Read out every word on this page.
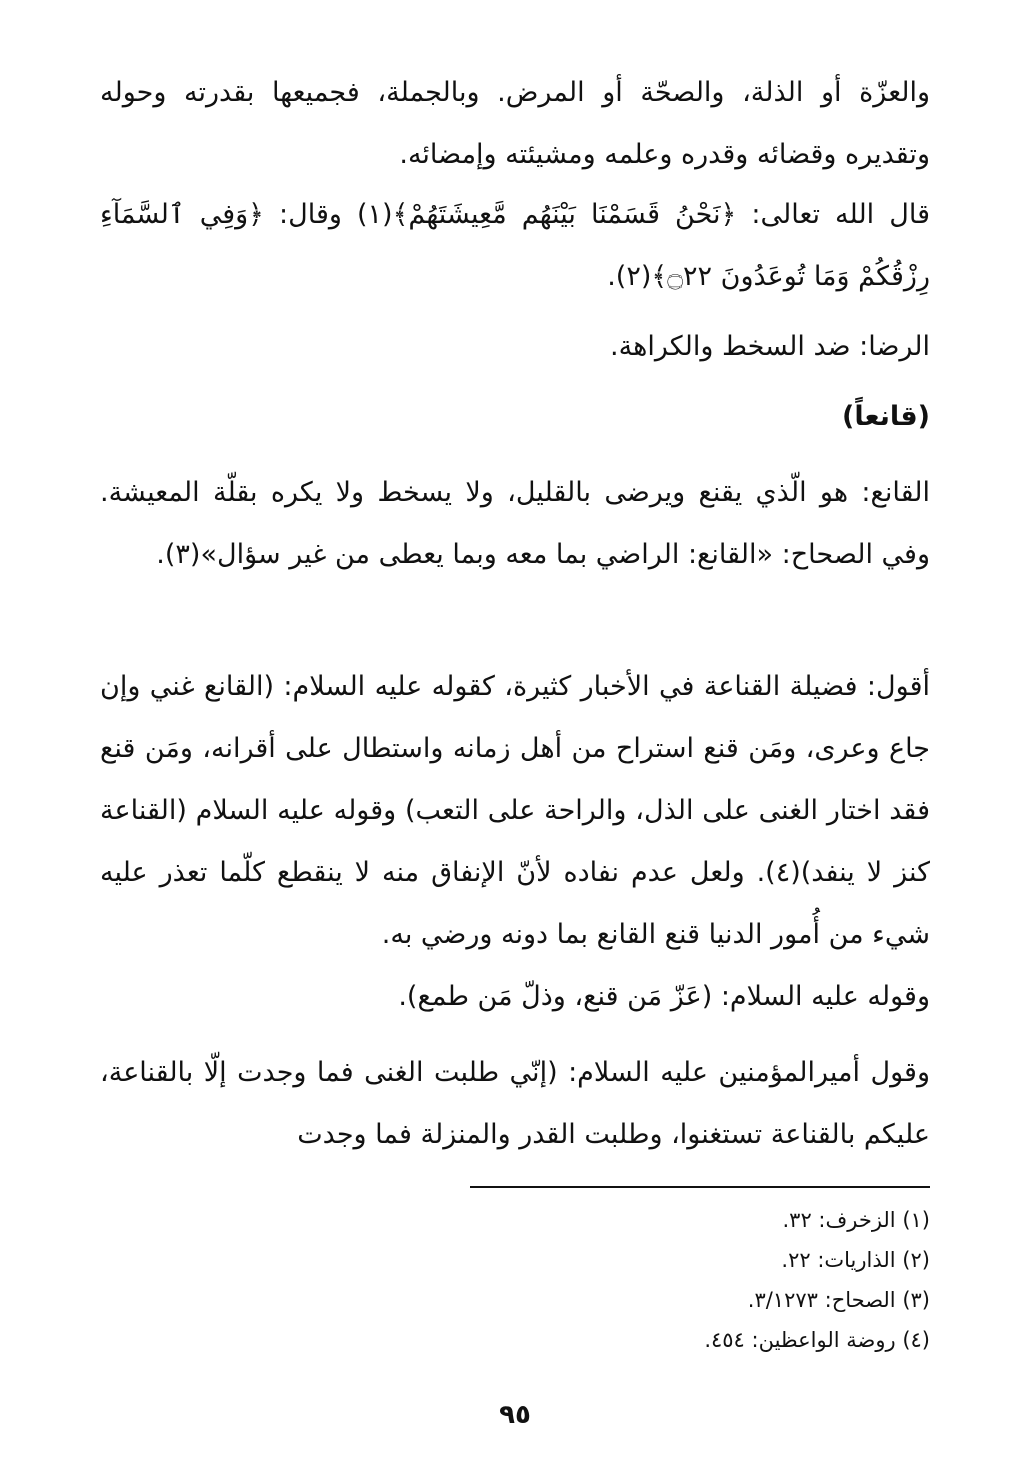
والعزّة أو الذلة، والصحّة أو المرض. وبالجملة، فجميعها بقدرته وحوله وتقديره وقضائه وقدره وعلمه ومشيئته وإمضائه.

قال الله تعالى: ﴿نَحْنُ قَسَمْنَا بَيْنَهُم مَّعِيشَتَهُمْ﴾(١) وقال: ﴿وَفِي ٱلسَّمَآءِ رِزْقُكُمْ وَمَا تُوعَدُونَ ۝٢٢﴾(٢).

الرضا: ضد السخط والكراهة.

(قانعاً)

القانع: هو الّذي يقنع ويرضى بالقليل، ولا يسخط ولا يكره بقلّة المعيشة. وفي الصحاح: «القانع: الراضي بما معه وبما يعطى من غير سؤال»(٣).

أقول: فضيلة القناعة في الأخبار كثيرة، كقوله عليه السلام: (القانع غني وإن جاع وعرى، ومَن قنع استراح من أهل زمانه واستطال على أقرانه، ومَن قنع فقد اختار الغنى على الذل، والراحة على التعب) وقوله عليه السلام (القناعة كنز لا ينفد)(٤). ولعل عدم نفاده لأنّ الإنفاق منه لا ينقطع كلّما تعذر عليه شيء من أُمور الدنيا قنع القانع بما دونه ورضي به.

وقوله عليه السلام: (عَزّ مَن قنع، وذلّ مَن طمع).

وقول أميرالمؤمنين عليه السلام: (إنّي طلبت الغنى فما وجدت إلّا بالقناعة، عليكم بالقناعة تستغنوا، وطلبت القدر والمنزلة فما وجدت

(١) الزخرف: ٣٢.
(٢) الذاريات: ٢٢.
(٣) الصحاح: ٣/١٢٧٣.
(٤) روضة الواعظين: ٤٥٤.
٩٥
